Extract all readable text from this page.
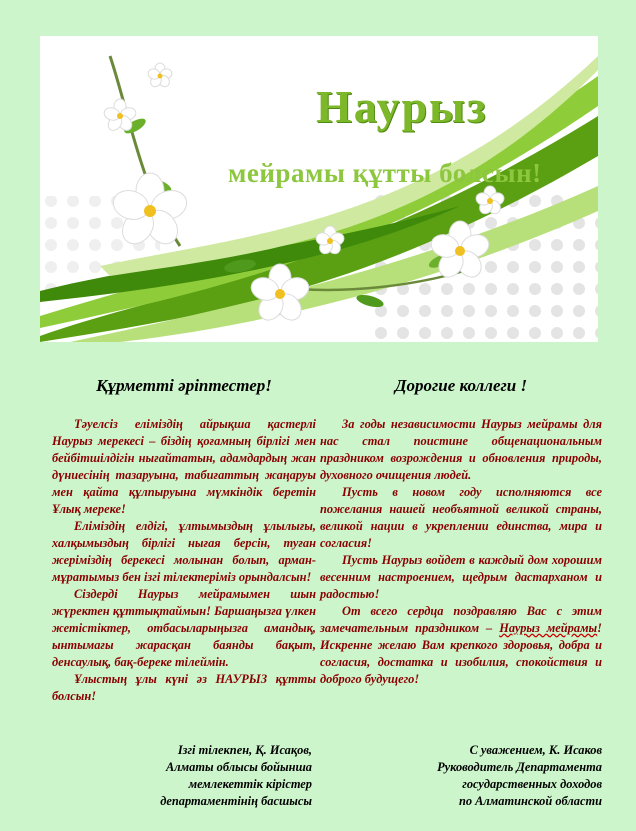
Наурыз
мейрамы құтты болсын!
Құрметті әріптестер!

Тәуелсіз еліміздің айрықша қастерлі Наурыз мерекесі – біздің қоғамның бірлігі мен бейбітшілдігін нығайтатын, адамдардың жан дүниесінің тазаруына, табиғаттың жаңаруы мен қайта құлпыруына мүмкіндік беретін Ұлық мереке!

Еліміздің елдігі, ұлтымыздың ұлылығы, халқымыздың бірлігі нығая берсін, туған жеріміздің берекесі молынан болып, арман-мұратымыз бен ізгі тілектеріміз орындалсын!

Сіздерді Наурыз мейрамымен шын жүректен құттықтаймын! Баршаңызға үлкен жетістіктер, отбасыларыңызға амандық, ынтымағы жарасқан баянды бақыт, денсаулық, бақ-береке тілеймін.

Ұлыстың ұлы күні әз НАУРЫЗ құтты болсын!

Дорогие коллеги !

За годы независимости Наурыз мейрамы для нас стал поистине общенациональным праздником возрождения и обновления природы, духовного очищения людей.

Пусть в новом году исполняются все пожелания нашей необъятной великой страны, великой нации в укреплении единства, мира и согласия!

Пусть Наурыз войдет в каждый дом хорошим весенним настроением, щедрым дастарханом и радостью!

От всего сердца поздравляю Вас с этим замечательным праздником – Наурыз мейрамы! Искренне желаю Вам крепкого здоровья, добра и согласия, достатка и изобилия, спокойствия и доброго будущего!

Ізгі тілекпен, Қ. Исақов,
Алматы облысы бойынша
мемлекеттік кірістер
департаментінің басшысы
С уважением, К. Исаков
Руководитель Департамента
государственных доходов
по Алматинской области
